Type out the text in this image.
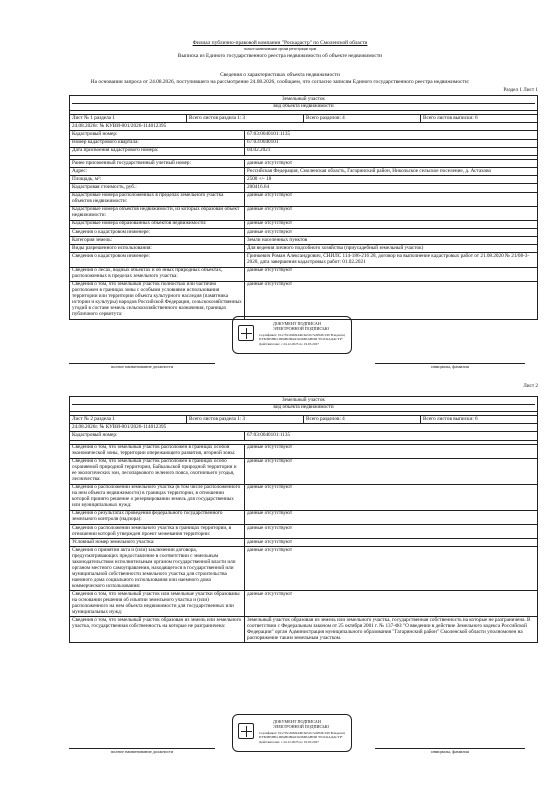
Филиал публично-правовой компании "Роскадастр" по Смоленской области
полное наименование органа регистрации прав
Выписка из Единого государственного реестра недвижимости об объекте недвижимости
Сведения о характеристиках объекта недвижимости
На основании запроса от 24.08.2026, поступившего на рассмотрение 24.08.2026, сообщаем, что согласно записям Единого государственного реестра недвижимости:
Раздел 1 Лист 1
Земельный участок
вид объекта недвижимости
Лист № 1 раздела 1	Всего листов раздела 1: 3	Всего разделов: 4	Всего листов выписки: 6
24.08.2026г. № КУВИ-001/2026-114012395
Кадастровый номер:	67:03:0040101:1135
Номер кадастрового квартала:	67:03:0040101
Дата присвоения кадастрового номера:	04.02.2021
Ранее присвоенный государственный учетный номер:	данные отсутствуют
Адрес:	Российская Федерация, Смоленская область, Гагаринский район, Никольское сельское поселение, д. Астахово
Площадь, м²:	2500 +/- 18
Кадастровая стоимость, руб.:	200416.64
Кадастровые номера расположенных в пределах земельного участка объектов недвижимости:
данные отсутствуют
Кадастровые номера объектов недвижимости, из которых образован объект недвижимости:
данные отсутствуют
Кадастровые номера образованных объектов недвижимости:	данные отсутствуют
Сведения о кадастровом инженере:	данные отсутствуют
Категория земель:	Земли населенных пунктов
Виды разрешенного использования:	Для ведения личного подсобного хозяйства (приусадебный земельный участок)
Сведения о кадастровом инженере:	Гринкевич Роман Александрович, СНИЛС 114-186-216 28, договор на выполнение кадастровых работ от 21.08.2020 № 21/08-3-2020, дата завершения кадастровых работ: 01.02.2021
Сведения о лесах, водных объектах и об иных природных объектах, расположенных в пределах земельного участка:
данные отсутствуют
Сведения о том, что земельный участок полностью или частично расположен в границах зоны с особыми условиями использования территории или территории объекта культурного наследия (памятника истории и культуры) народов Российской Федерации, сельскохозяйственных угодий в составе земель сельскохозяйственного назначения, границах публичного сервитута:
данные отсутствуют
ДОКУМЕНТ ПОДПИСАН
ЭЛЕКТРОННОЙ ПОДПИСЬЮ
Сертификат: 01a7f3c2b8e94d0c6a51b7e2f8d3c190 Владелец: ПУБЛИЧНО-ПРАВОВАЯ КОМПАНИЯ "РОСКАДАСТР" Действителен: с 24.12.2025 по 19.03.2027
полное наименование должности	инициалы, фамилия
Лист 2
Земельный участок
вид объекта недвижимости
Лист № 2 раздела 1	Всего листов раздела 1: 3	Всего разделов: 4	Всего листов выписки: 6
24.08.2026г. № КУВИ-001/2026-114012395
Кадастровый номер:	67:03:0040101:1135
Сведения о том, что земельный участок расположен в границах особой экономической зоны, территории опережающего развития, игорной зоны:
данные отсутствуют
Сведения о том, что земельный участок расположен в границах особо охраняемой природной территории, Байкальской природной территории и ее экологических зон, лесопаркового зеленого пояса, охотничьего угодья, лесничества:
данные отсутствуют
Сведения о расположении земельного участка (в том числе расположенного на нем объекта недвижимости) в границах территории, в отношении которой принято решение о резервировании земель для государственных или муниципальных нужд:
данные отсутствуют
Сведения о результатах проведения федерального государственного земельного контроля (надзора):
данные отсутствуют
Сведения о расположении земельного участка в границах территории, в отношении которой утвержден проект межевания территории:
данные отсутствуют
Условный номер земельного участка:	данные отсутствуют
Сведения о принятии акта и (или) заключении договора, предусматривающих предоставление в соответствии с земельным законодательством исполнительным органом государственной власти или органом местного самоуправления, находящегося в государственной или муниципальной собственности земельного участка для строительства наемного дома социального использования или наемного дома коммерческого использования:
данные отсутствуют
Сведения о том, что земельный участок или земельные участки образованы на основании решения об изъятии земельного участка и (или) расположенного на нем объекта недвижимости для государственных или муниципальных нужд:
данные отсутствуют
Сведения о том, что земельный участок образован из земель или земельного участка, государственная собственность на которые не разграничена:
Земельный участок образован из земель или земельного участка, государственная собственность на которые не разграничена. В соответствии с Федеральным законом от 25 октября 2001 г. № 137-ФЗ "О введении в действие Земельного кодекса Российской Федерации" орган Администрация муниципального образования "Гагаринский район" Смоленской области уполномочен на распоряжение таким земельным участком.
ДОКУМЕНТ ПОДПИСАН
ЭЛЕКТРОННОЙ ПОДПИСЬЮ
Сертификат: 01a7f3c2b8e94d0c6a51b7e2f8d3c190 Владелец: ПУБЛИЧНО-ПРАВОВАЯ КОМПАНИЯ "РОСКАДАСТР" Действителен: с 24.12.2025 по 19.03.2027
полное наименование должности	инициалы, фамилия
